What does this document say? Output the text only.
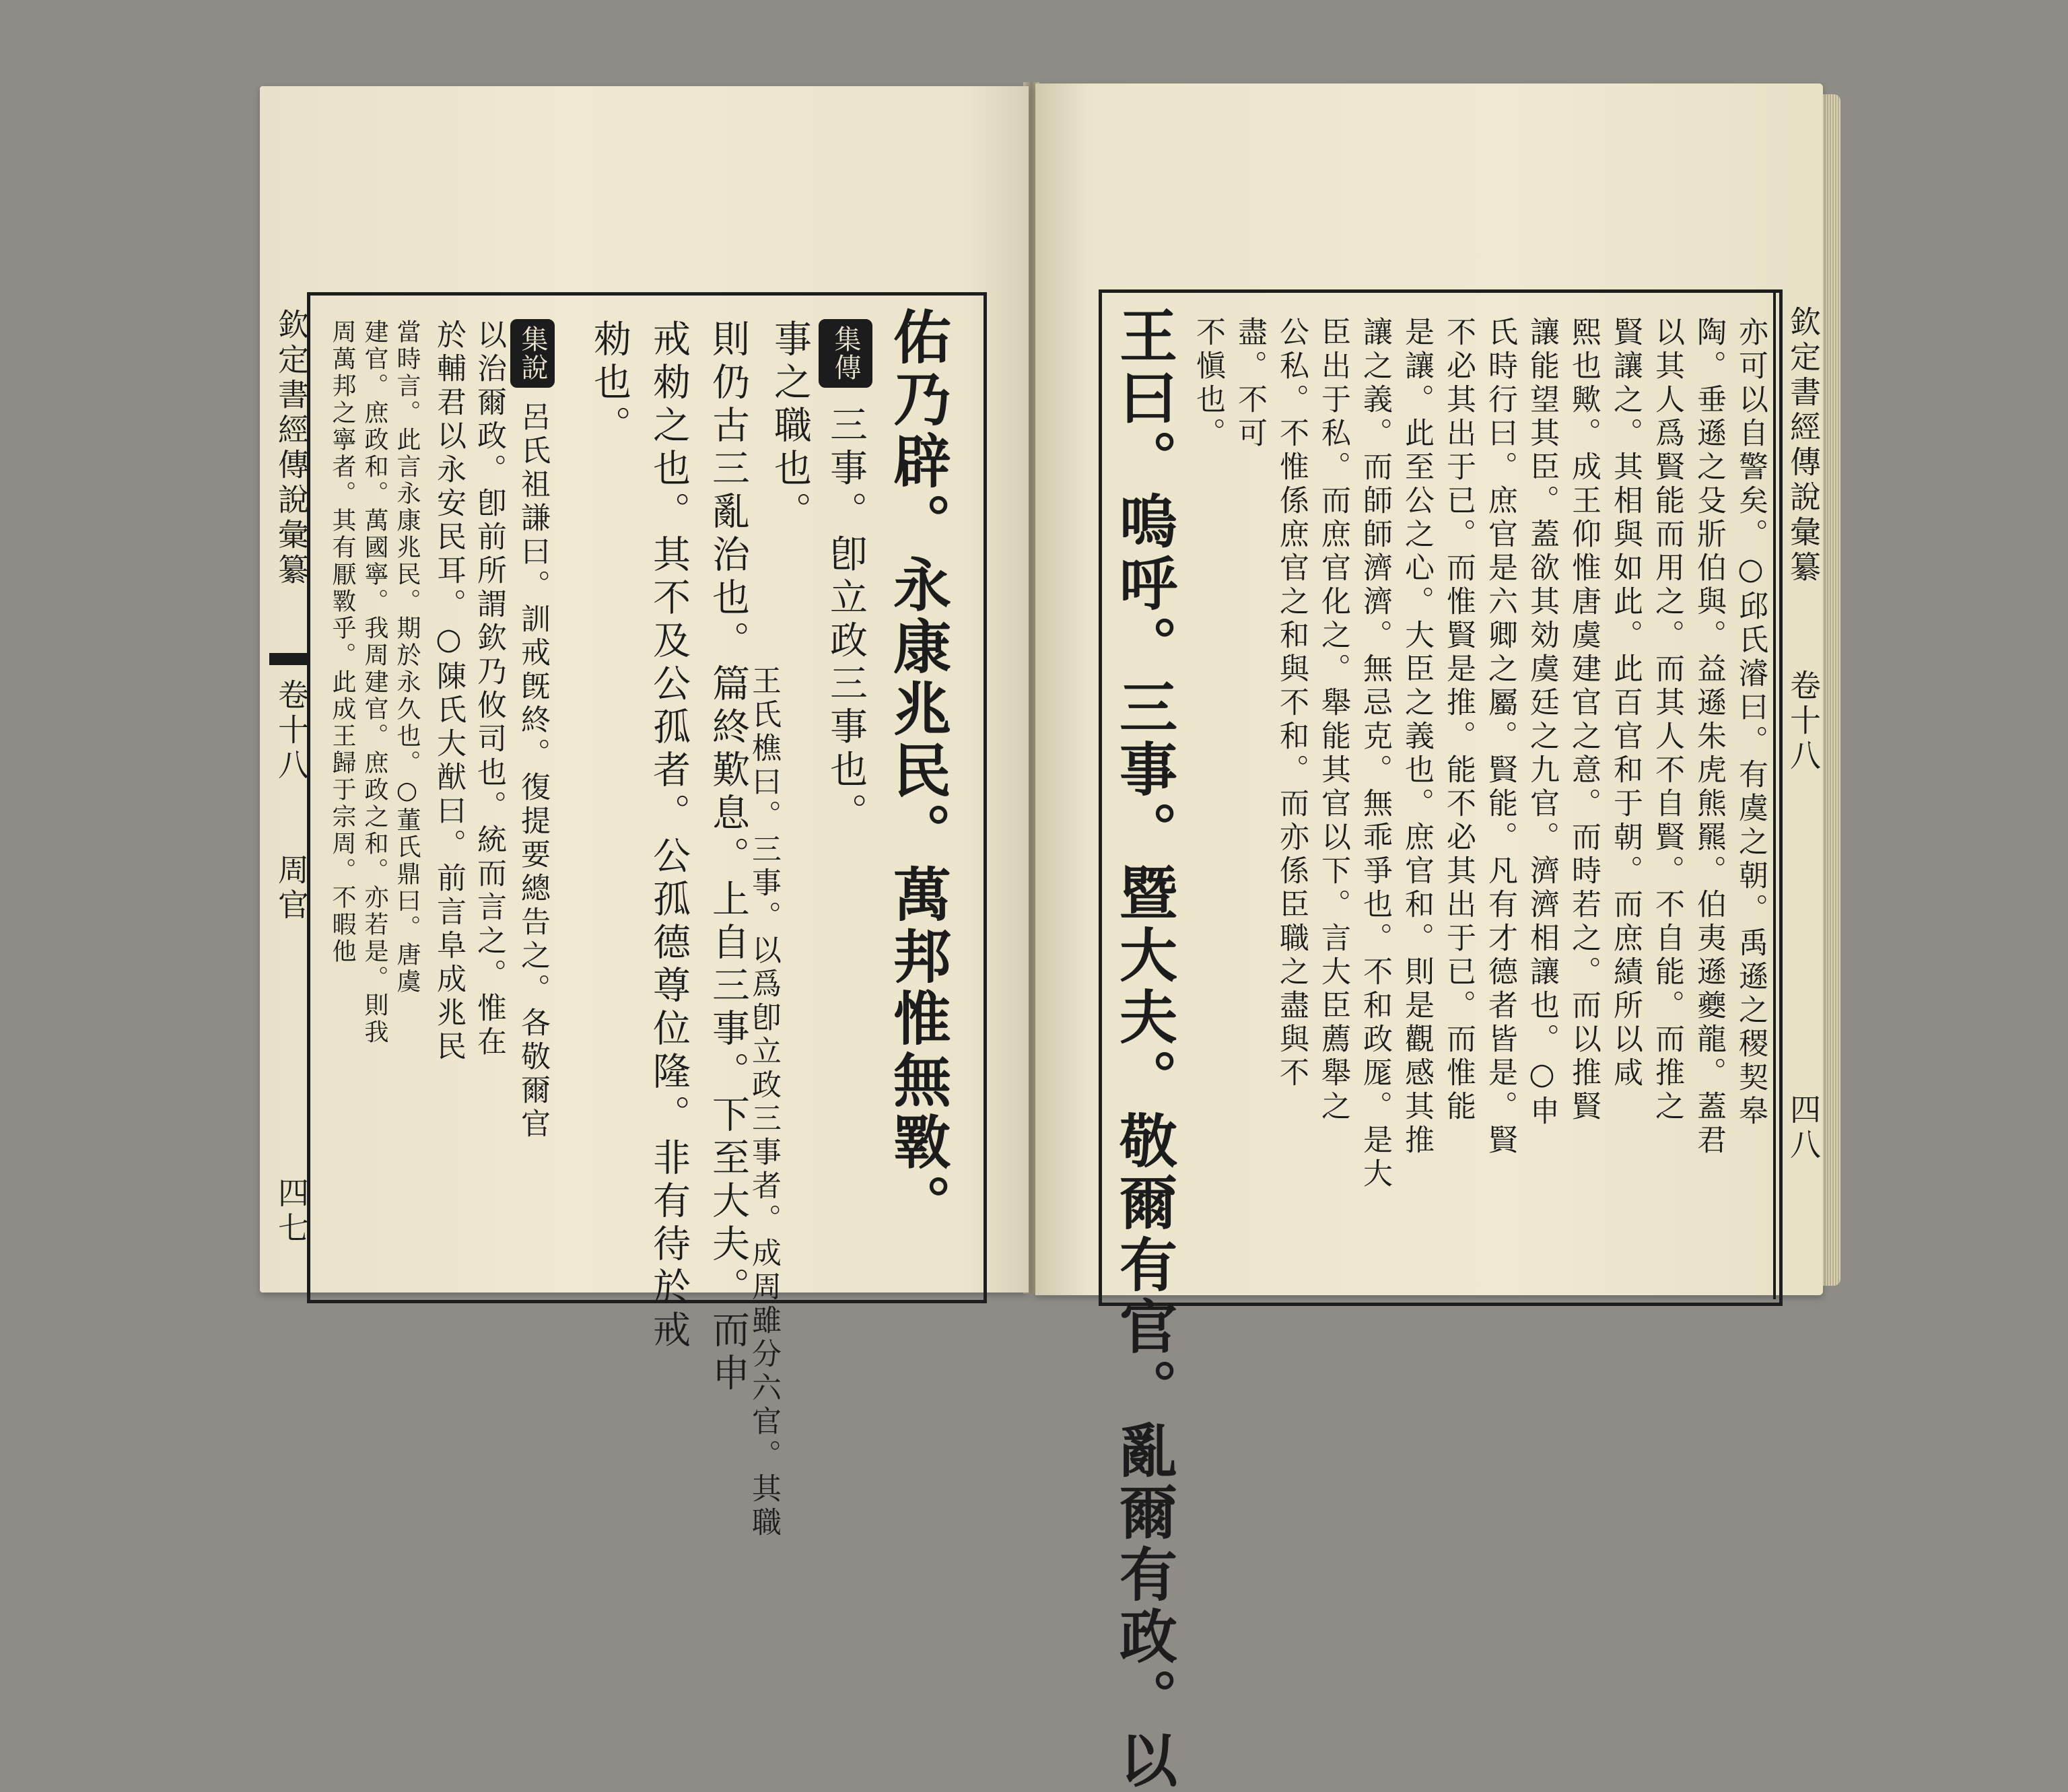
欽定書經傳說彙纂
卷十八
周官
四七	佑乃辟。永康兆民。萬邦惟無斁。
集傳 三事。卽立政三事也。
事之職也。
王氏樵曰。三事。以爲卽立政三事者。成周雖分六官。其職
則仍古三亂治也。篇終歎息。上自三事。下至大夫。而申
戒勑之也。其不及公孤者。公孤德尊位隆。非有待於戒
勑也。
集說 呂氏祖謙曰。訓戒旣終。復提要總告之。各敬爾官
以治爾政。卽前所謂欽乃攸司也。統而言之。惟在
於輔君以永安民耳。○陳氏大猷曰。前言阜成兆民
當時言。此言永康兆民。期於永久也。○董氏鼎曰。唐虞
建官。庶政和。萬國寧。我周建官。庶政之和。亦若是。則我
周萬邦之寧者。其有厭斁乎。此成王歸于宗周。不暇他	欽定書經傳說彙纂
卷十八
四八
王曰。嗚呼。三事。暨大夫。敬爾有官。亂爾有政。以	亦可以自警矣。○邱氏濬曰。有虞之朝。禹遜之稷契皋
陶。垂遜之殳斨伯與。益遜朱虎熊羆。伯夷遜夔龍。蓋君
以其人爲賢能而用之。而其人不自賢。不自能。而推之
賢讓之。其相與如此。此百官和于朝。而庶績所以咸
熙也歟。成王仰惟唐虞建官之意。而時若之。而以推賢
讓能望其臣。蓋欲其効虞廷之九官。濟濟相讓也。○申
氏時行曰。庶官是六卿之屬。賢能。凡有才德者皆是。賢
不必其出于已。而惟賢是推。能不必其出于已。而惟能
是讓。此至公之心。大臣之義也。庶官和。則是觀感其推
讓之義。而師師濟濟。無忌克。無乖爭也。不和政厖。是大
臣出于私。而庶官化之。舉能其官以下。言大臣薦舉之
公私。不惟係庶官之和與不和。而亦係臣職之盡與不
盡。不可
不愼也。
